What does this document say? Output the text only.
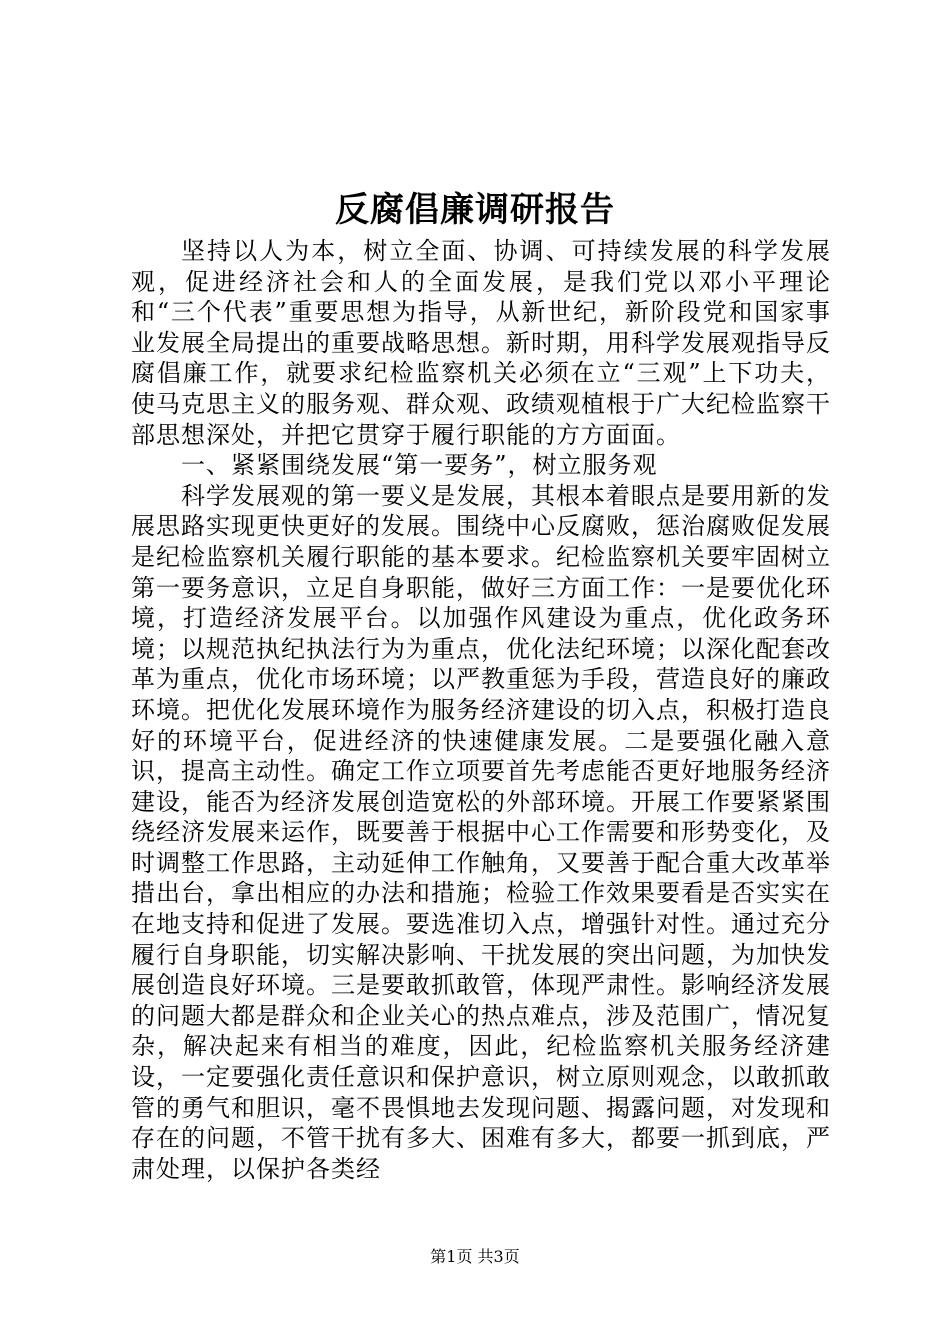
反腐倡廉调研报告

坚持以人为本，树立全面、协调、可持续发展的科学发展观，促进经济社会和人的全面发展，是我们党以邓小平理论和“三个代表”重要思想为指导，从新世纪，新阶段党和国家事业发展全局提出的重要战略思想。新时期，用科学发展观指导反腐倡廉工作，就要求纪检监察机关必须在立“三观”上下功夫，使马克思主义的服务观、群众观、政绩观植根于广大纪检监察干部思想深处，并把它贯穿于履行职能的方方面面。

一、紧紧围绕发展“第一要务”，树立服务观

科学发展观的第一要义是发展，其根本着眼点是要用新的发展思路实现更快更好的发展。围绕中心反腐败，惩治腐败促发展是纪检监察机关履行职能的基本要求。纪检监察机关要牢固树立第一要务意识，立足自身职能，做好三方面工作：一是要优化环境，打造经济发展平台。以加强作风建设为重点，优化政务环境；以规范执纪执法行为为重点，优化法纪环境；以深化配套改革为重点，优化市场环境；以严教重惩为手段，营造良好的廉政环境。把优化发展环境作为服务经济建设的切入点，积极打造良好的环境平台，促进经济的快速健康发展。二是要强化融入意识，提高主动性。确定工作立项要首先考虑能否更好地服务经济建设，能否为经济发展创造宽松的外部环境。开展工作要紧紧围绕经济发展来运作，既要善于根据中心工作需要和形势变化，及时调整工作思路，主动延伸工作触角，又要善于配合重大改革举措出台，拿出相应的办法和措施；检验工作效果要看是否实实在在地支持和促进了发展。要选准切入点，增强针对性。通过充分履行自身职能，切实解决影响、干扰发展的突出问题，为加快发展创造良好环境。三是要敢抓敢管，体现严肃性。影响经济发展的问题大都是群众和企业关心的热点难点，涉及范围广，情况复杂，解决起来有相当的难度，因此，纪检监察机关服务经济建设，一定要强化责任意识和保护意识，树立原则观念，以敢抓敢管的勇气和胆识，毫不畏惧地去发现问题、揭露问题，对发现和存在的问题，不管干扰有多大、困难有多大，都要一抓到底，严肃处理，以保护各类经

第1页 共3页
